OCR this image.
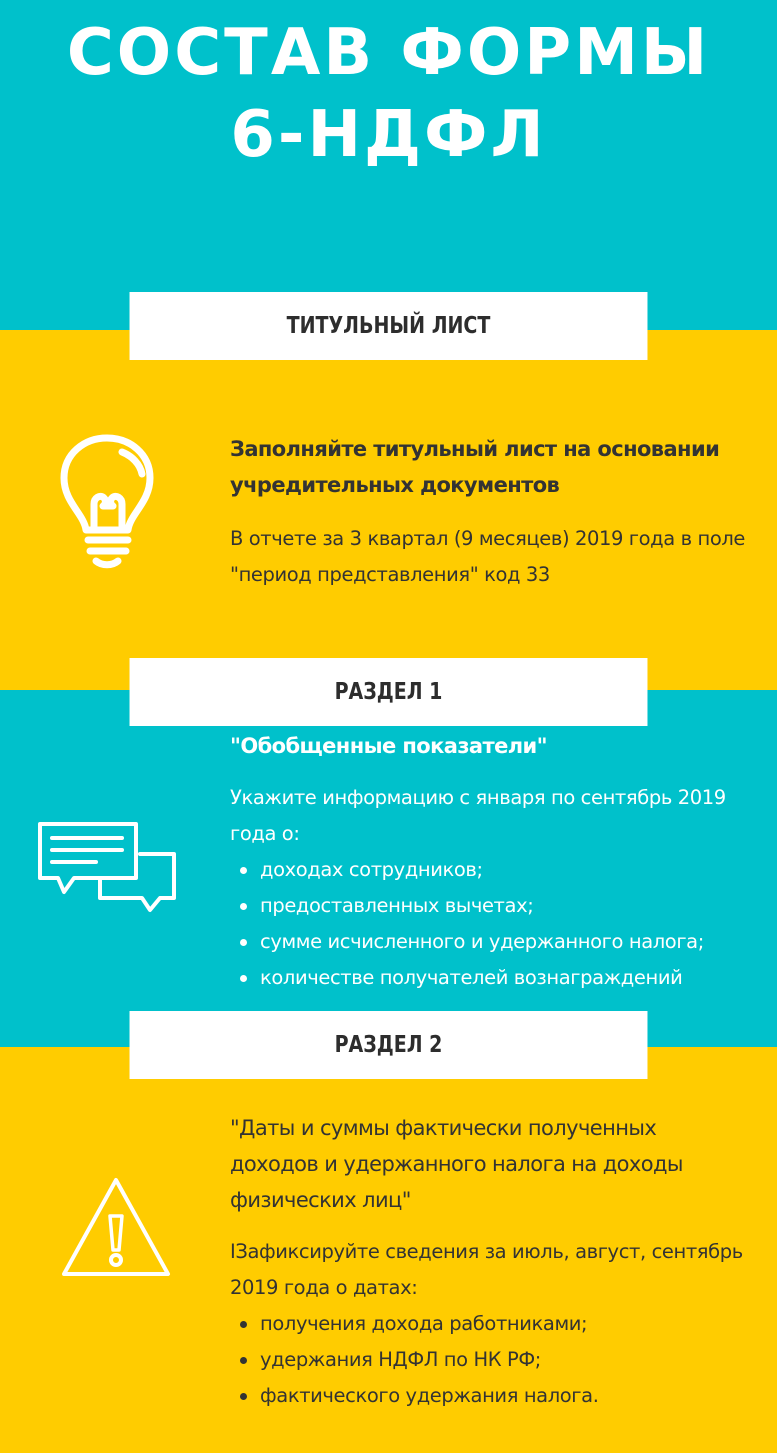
СОСТАВ ФОРМЫ
6-НДФЛ
ТИТУЛЬНЫЙ ЛИСТ

Заполняйте титульный лист на основании учредительных документов

В отчете за 3 квартал (9 месяцев) 2019 года в поле "период представления" код 33

РАЗДЕЛ 1

"Обобщенные показатели"

Укажите информацию с января по сентябрь 2019 года о:

доходах сотрудников;
предоставленных вычетах;
сумме исчисленного и удержанного налога;
количестве получателей вознаграждений
РАЗДЕЛ 2

"Даты и суммы фактически полученных доходов и удержанного налога на доходы физических лиц"

IЗафиксируйте сведения за июль, август, сентябрь 2019 года о датах:

получения дохода работниками;
удержания НДФЛ по НК РФ;
фактического удержания налога.
